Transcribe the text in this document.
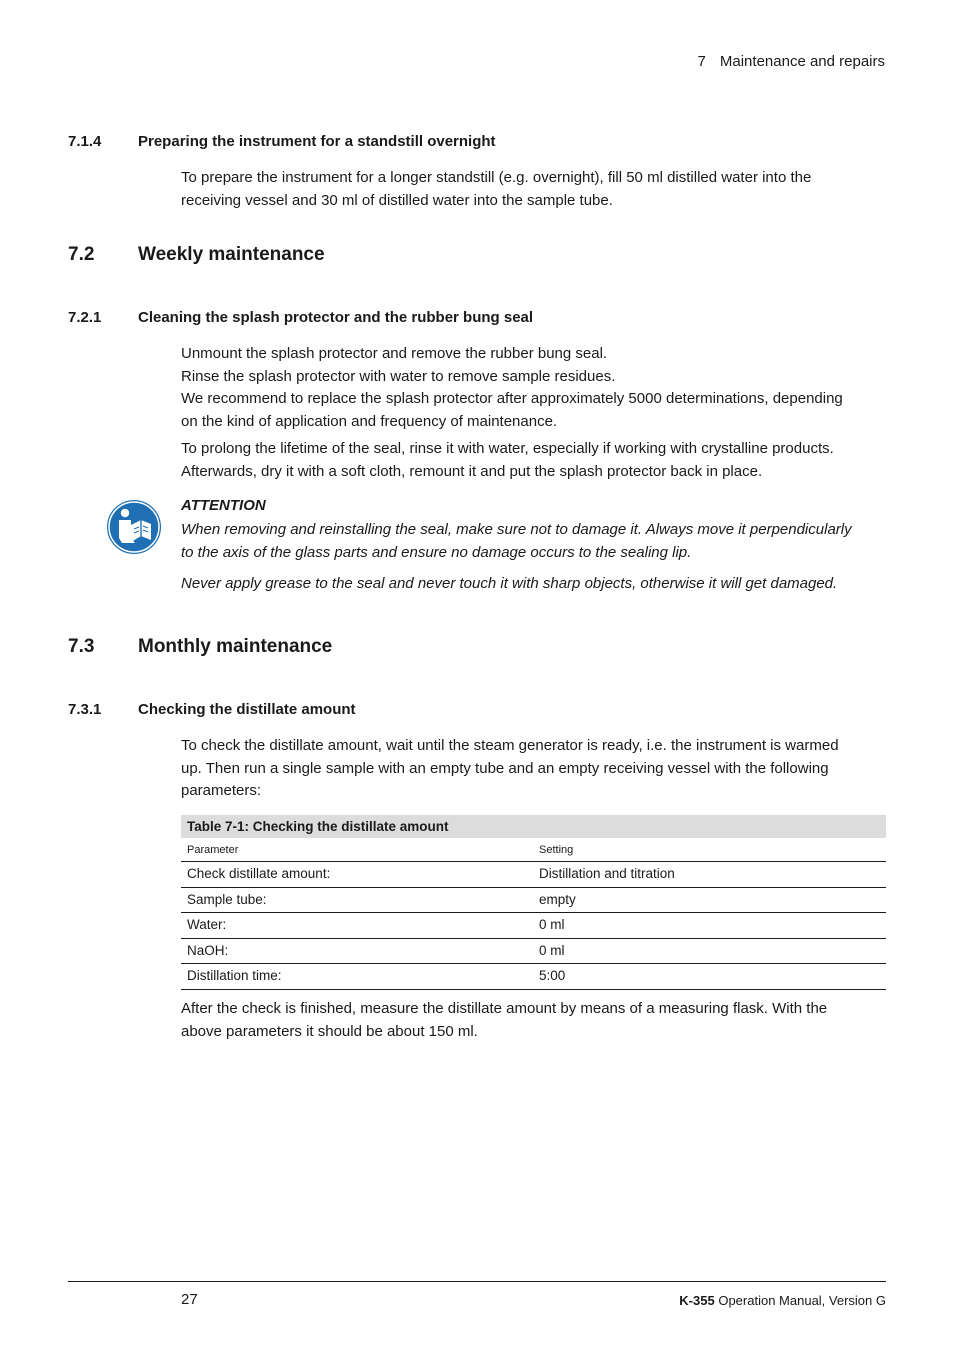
7 Maintenance and repairs
7.1.4 Preparing the instrument for a standstill overnight
To prepare the instrument for a longer standstill (e.g. overnight), fill 50 ml distilled water into the
receiving vessel and 30 ml of distilled water into the sample tube.
7.2 Weekly maintenance
7.2.1 Cleaning the splash protector and the rubber bung seal
Unmount the splash protector and remove the rubber bung seal.
Rinse the splash protector with water to remove sample residues.
We recommend to replace the splash protector after approximately 5000 determinations, depending
on the kind of application and frequency of maintenance.
To prolong the lifetime of the seal, rinse it with water, especially if working with crystalline products.
Afterwards, dry it with a soft cloth, remount it and put the splash protector back in place.
ATTENTION
When removing and reinstalling the seal, make sure not to damage it. Always move it perpendicularly
to the axis of the glass parts and ensure no damage occurs to the sealing lip.
Never apply grease to the seal and never touch it with sharp objects, otherwise it will get damaged.
7.3 Monthly maintenance
7.3.1 Checking the distillate amount
To check the distillate amount, wait until the steam generator is ready, i.e. the instrument is warmed
up. Then run a single sample with an empty tube and an empty receiving vessel with the following
parameters:
Table 7-1: Checking the distillate amount
Parameter	Setting
Check distillate amount:	Distillation and titration
Sample tube:	empty
Water:	0 ml
NaOH:	0 ml
Distillation time:	5:00
After the check is finished, measure the distillate amount by means of a measuring flask. With the
above parameters it should be about 150 ml.
27	K-355 Operation Manual, Version G
